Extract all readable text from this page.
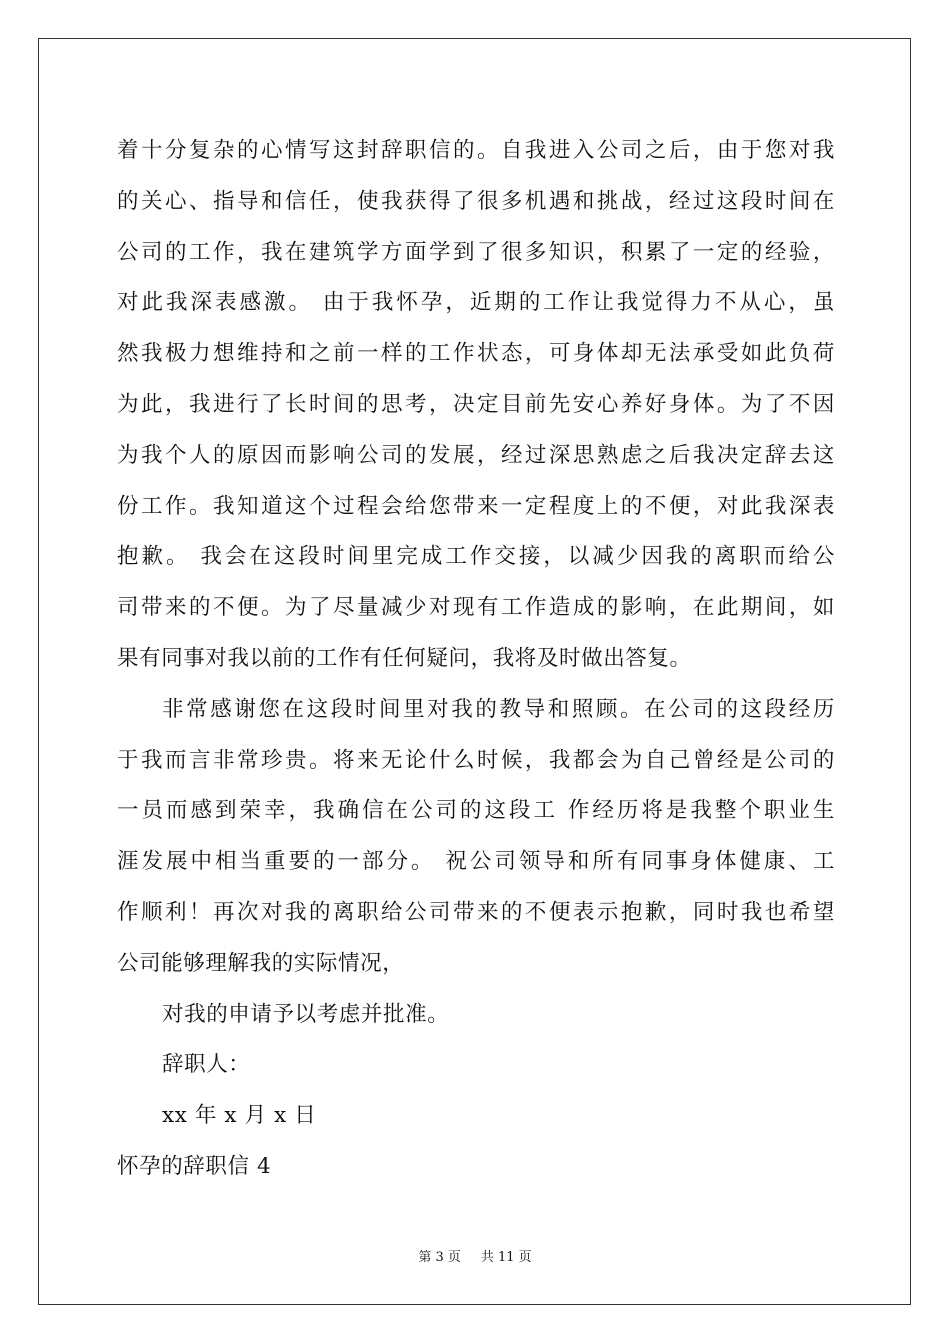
着十分复杂的心情写这封辞职信的。自我进入公司之后，由于您对我
的关心、指导和信任，使我获得了很多机遇和挑战，经过这段时间在
公司的工作，我在建筑学方面学到了很多知识，积累了一定的经验，
对此我深表感激。 由于我怀孕，近期的工作让我觉得力不从心，虽
然我极力想维持和之前一样的工作状态，可身体却无法承受如此负荷
为此，我进行了长时间的思考，决定目前先安心养好身体。为了不因
为我个人的原因而影响公司的发展，经过深思熟虑之后我决定辞去这
份工作。我知道这个过程会给您带来一定程度上的不便，对此我深表
抱歉。 我会在这段时间里完成工作交接，以减少因我的离职而给公
司带来的不便。为了尽量减少对现有工作造成的影响，在此期间，如
果有同事对我以前的工作有任何疑问，我将及时做出答复。
非常感谢您在这段时间里对我的教导和照顾。在公司的这段经历
于我而言非常珍贵。将来无论什么时候，我都会为自己曾经是公司的
一员而感到荣幸，我确信在公司的这段工 作经历将是我整个职业生
涯发展中相当重要的一部分。 祝公司领导和所有同事身体健康、工
作顺利！再次对我的离职给公司带来的不便表示抱歉，同时我也希望
公司能够理解我的实际情况，
对我的申请予以考虑并批准。
辞职人：
xx 年 x 月 x 日
怀孕的辞职信 4
第 3 页 共 11 页
